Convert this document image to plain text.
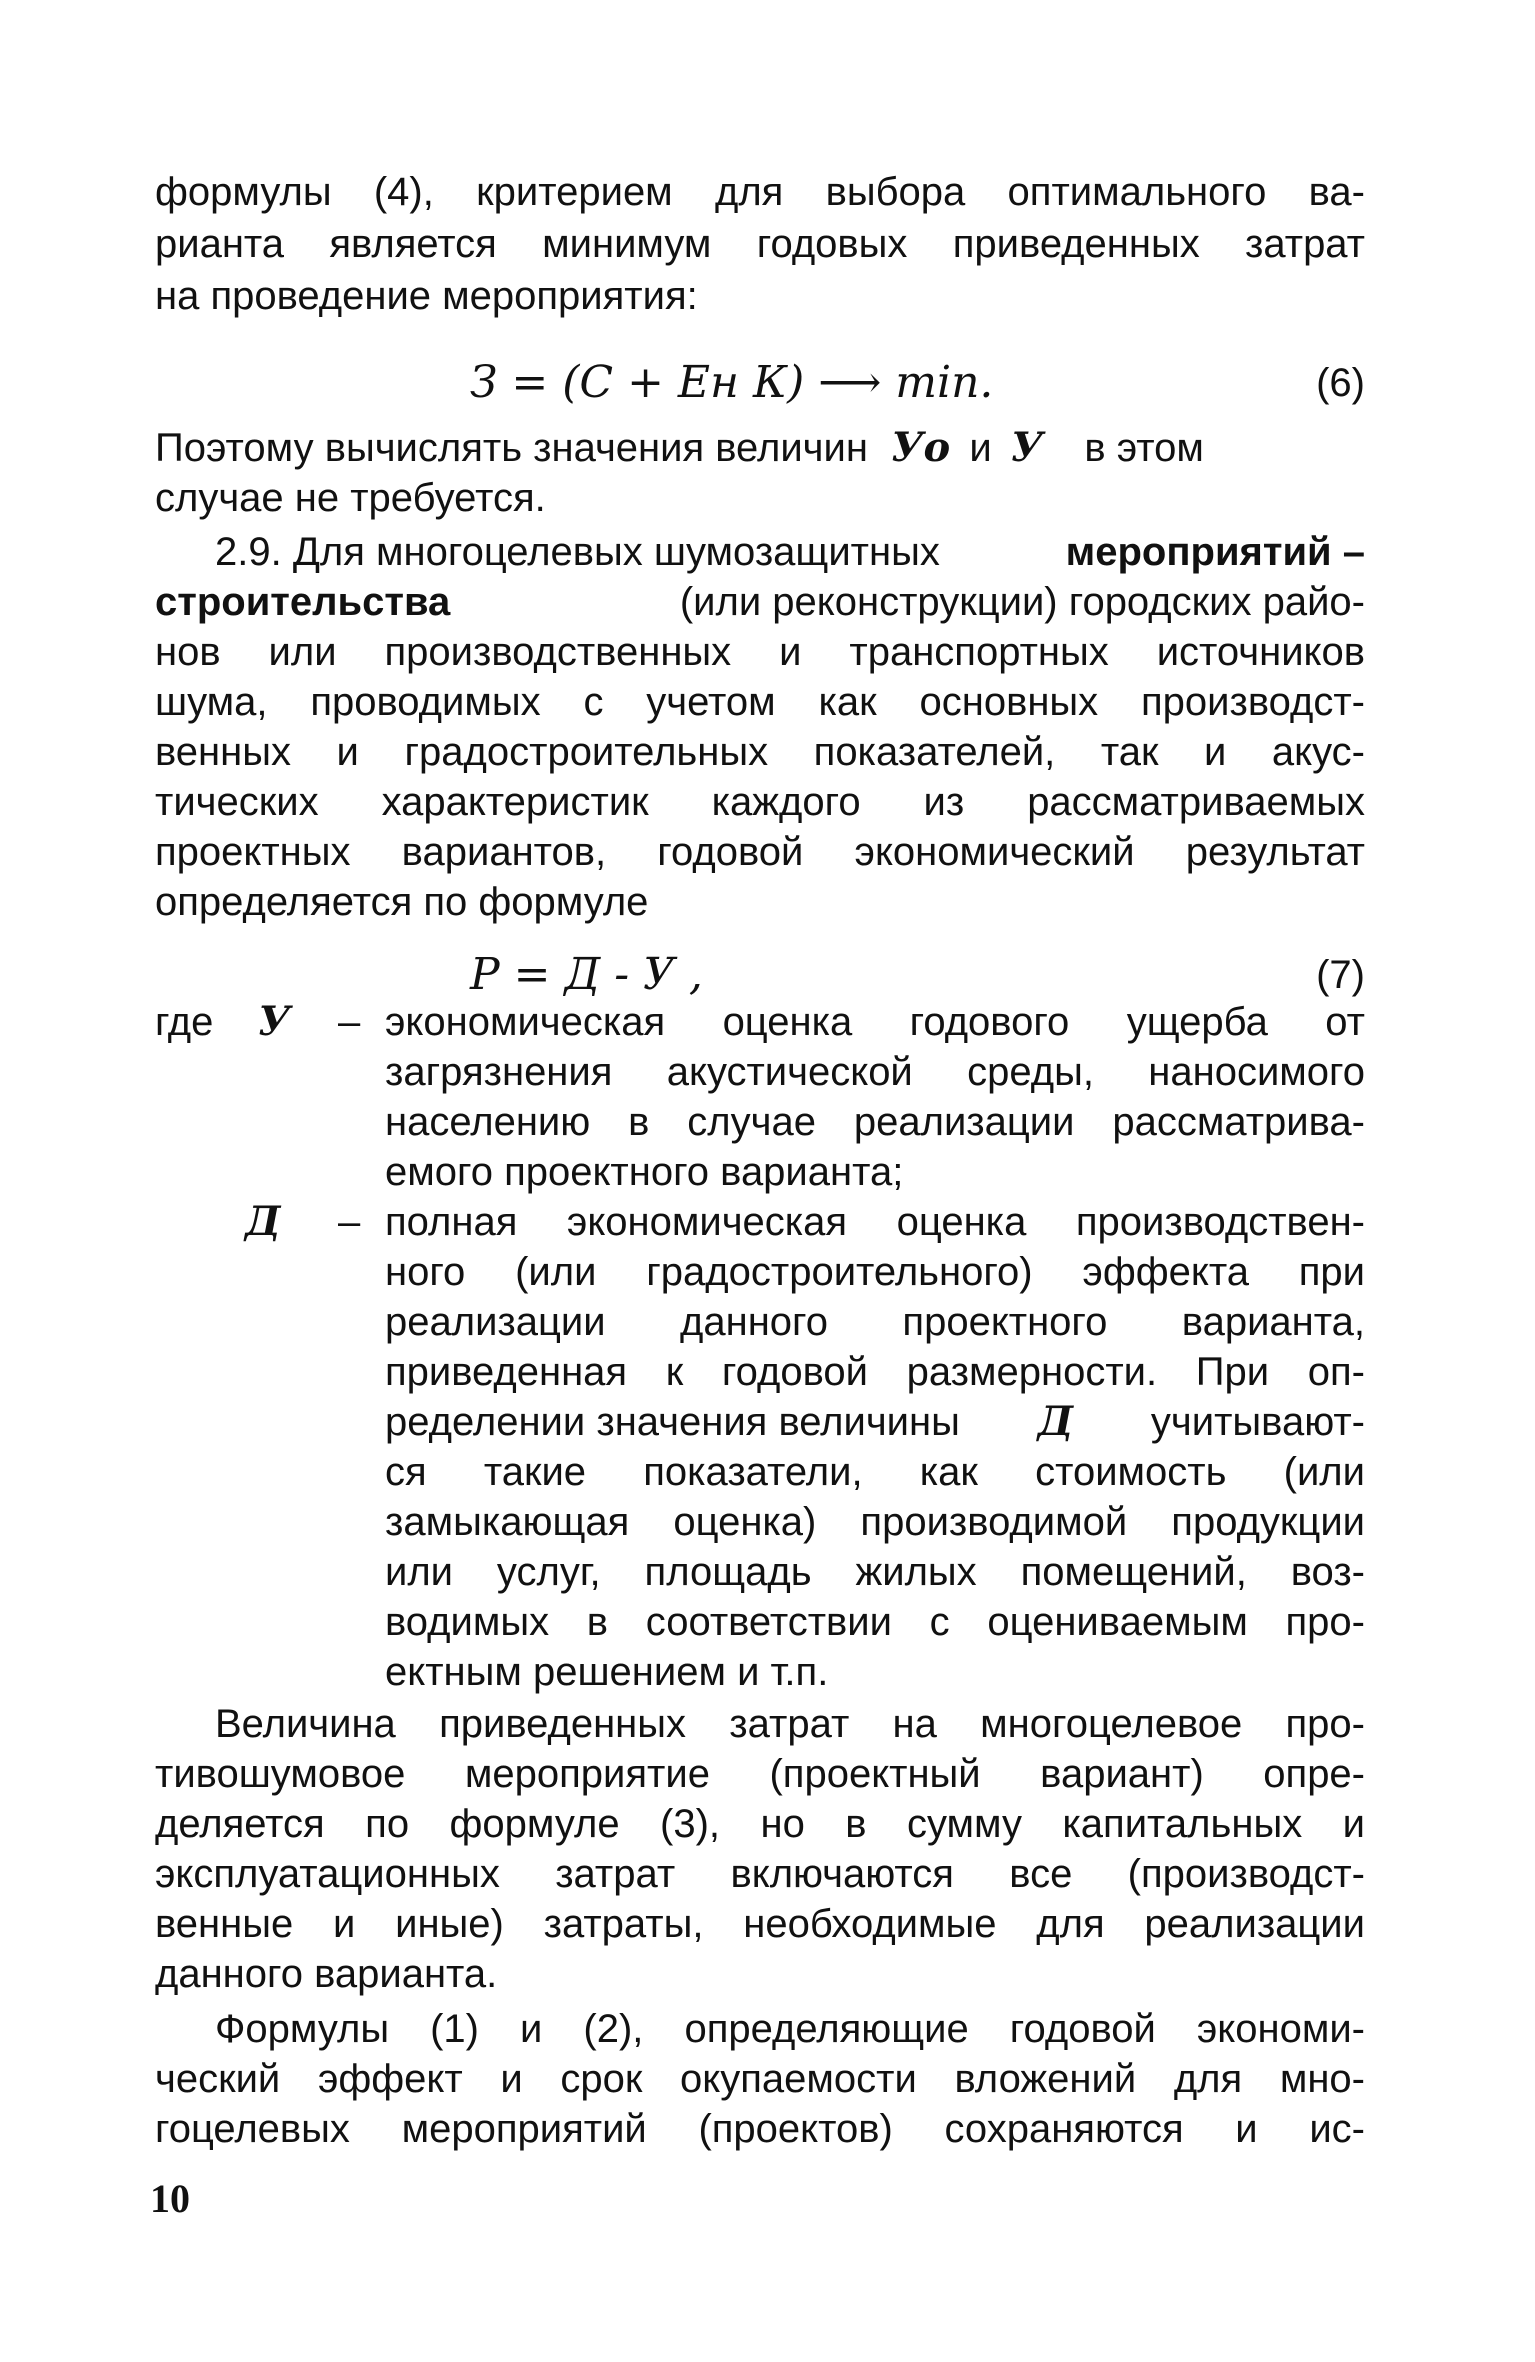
формулы (4), критерием для выбора оптимального ва-
рианта является минимум годовых приведенных затрат
на проведение мероприятия:
З = (С + Ен К) ⟶ min.	(6)
Поэтому вычислять значения величин Уо и У в этом
случае не требуется.
2.9. Для многоцелевых шумозащитных	мероприятий –
строительства	(или реконструкции) городских райо-
нов или производственных и транспортных источников
шума, проводимых с учетом как основных производст-
венных и градостроительных показателей, так и акус-
тических характеристик каждого из рассматриваемых
проектных вариантов, годовой экономический результат
определяется по формуле
Р = Д - У ,	(7)
где У – экономическая оценка годового ущерба от
загрязнения акустической среды, наносимого
населению в случае реализации рассматрива-
емого проектного варианта;
Д – полная экономическая оценка производствен-
ного (или градостроительного) эффекта при
реализации данного проектного варианта,
приведенная к годовой размерности. При оп-
ределении значения величины Д учитывают-
ся такие показатели, как стоимость (или
замыкающая оценка) производимой продукции
или услуг, площадь жилых помещений, воз-
водимых в соответствии с оцениваемым про-
ектным решением и т.п.
Величина приведенных затрат на многоцелевое про-
тивошумовое мероприятие (проектный вариант) опре-
деляется по формуле (3), но в сумму капитальных и
эксплуатационных затрат включаются все (производст-
венные и иные) затраты, необходимые для реализации
данного варианта.
Формулы (1) и (2), определяющие годовой экономи-
ческий эффект и срок окупаемости вложений для мно-
гоцелевых мероприятий (проектов) сохраняются и ис-
10
